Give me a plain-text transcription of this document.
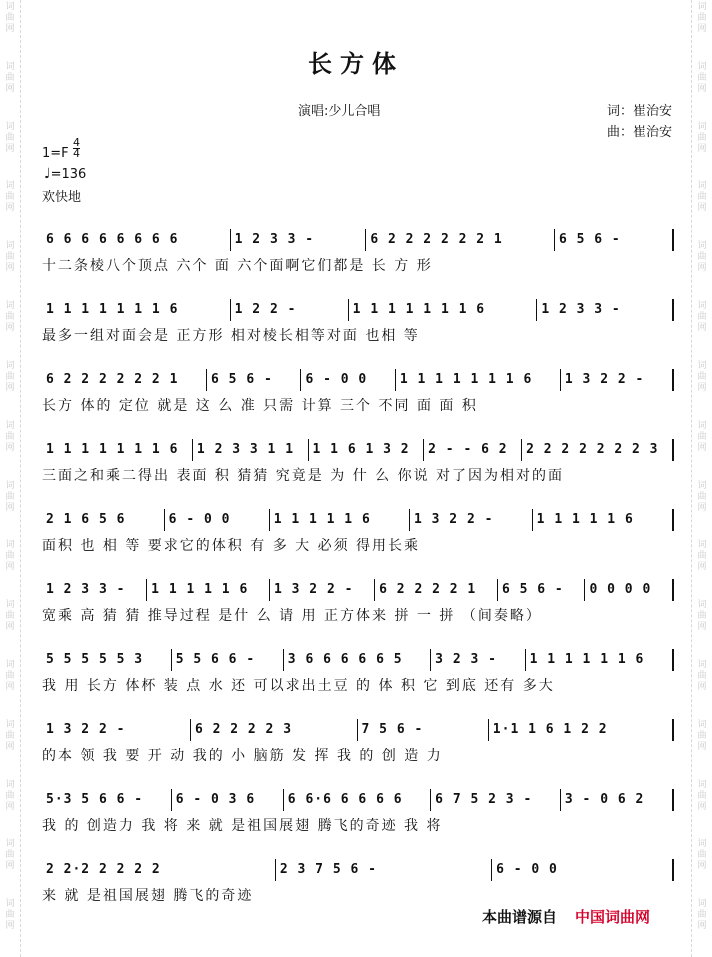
词
曲
网
词
曲
网
词
曲
网
词
曲
网
词
曲
网
词
曲
网
词
曲
网
词
曲
网
词
曲
网
词
曲
网
词
曲
网
词
曲
网
词
曲
网
词
曲
网
词
曲
网
词
曲
网
词
曲
网
词
曲
网
词
曲
网
词
曲
网
词
曲
网
词
曲
网
词
曲
网
词
曲
网
词
曲
网
词
曲
网
词
曲
网
词
曲
网
词
曲
网
词
曲
网
词
曲
网
词
曲
网
长方体
演唱:少儿合唱	词：崔治安
曲：崔治安
1=F
4
4
♩=136
欢快地
6 6 6 6 6 6 6 6	1 2 3 3 -	6 2 2 2 2 2 2 1	6 5 6 -
十二条棱八个顶点 六个 面 六个面啊它们都是 长 方 形
1 1 1 1 1 1 1 6	1 2 2 -	1 1 1 1 1 1 1 6	1 2 3 3 -
最多一组对面会是 正方形 相对棱长相等对面 也相 等
6 2 2 2 2 2 2 1	6 5 6 -	6 - 0 0	1 1 1 1 1 1 1 6	1 3 2 2 -
长方 体的 定位 就是 这 么 准 只需 计算 三个 不同 面 面 积
1 1 1 1 1 1 1 6	1 2 3 3 1 1	1 1 6 1 3 2	2 - - 6 2	2 2 2 2 2 2 2 3
三面之和乘二得出 表面 积 猜猜 究竟是 为 什 么 你说 对了因为相对的面
2 1 6 5 6	6 - 0 0	1 1 1 1 1 6	1 3 2 2 -	1 1 1 1 1 6
面积 也 相 等 要求它的体积 有 多 大 必须 得用长乘
1 2 3 3 -	1 1 1 1 1 6	1 3 2 2 -	6 2 2 2 2 1	6 5 6 -	0 0 0 0
宽乘 高 猜 猜 推导过程 是什 么 请 用 正方体来 拼 一 拼 （间奏略）
5 5 5 5 5 3	5 5 6 6 -	3 6 6 6 6 6 5	3 2 3 -	1 1 1 1 1 1 6
我 用 长方 体杯 装 点 水 还 可以求出土豆 的 体 积 它 到底 还有 多大
1 3 2 2 -	6 2 2 2 2 3	7 5 6 -	1·1 1 6 1 2 2
的本 领 我 要 开 动 我的 小 脑筋 发 挥 我 的 创 造 力
5·3 5 6 6 -	6 - 0 3 6	6 6·6 6 6 6 6	6 7 5 2 3 -	3 - 0 6 2
我 的 创造力 我 将 来 就 是祖国展翅 腾飞的奇迹 我 将
2 2·2 2 2 2 2	2 3 7 5 6 -	6 - 0 0
来 就 是祖国展翅 腾飞的奇迹
本曲谱源自 中国词曲网
